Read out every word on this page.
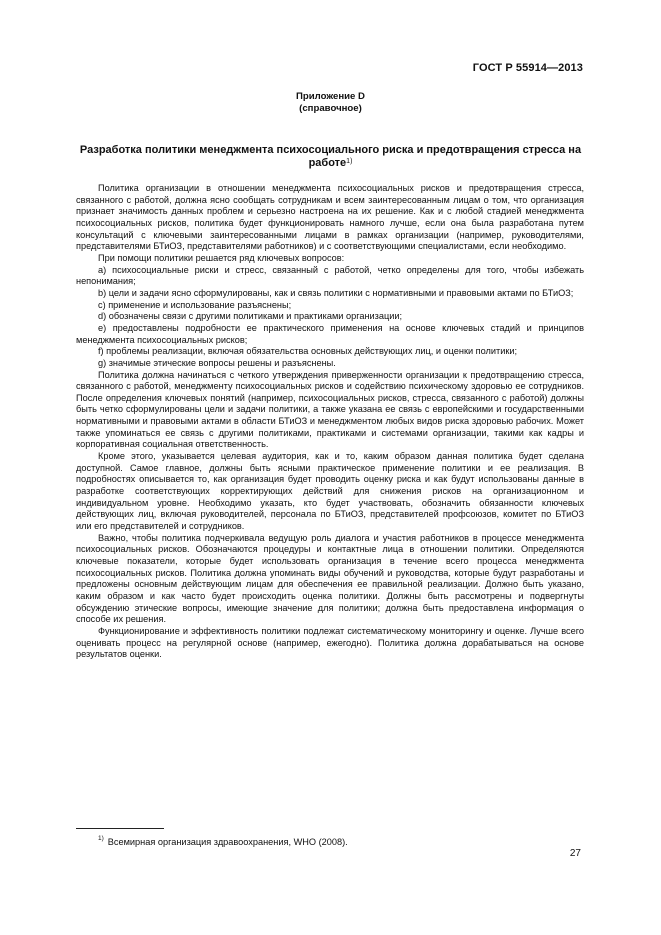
ГОСТ Р 55914—2013
Приложение D
(справочное)
Разработка политики менеджмента психосоциального риска и предотвращения стресса на работе$^{1)}$

Политика организации в отношении менеджмента психосоциальных рисков и предотвращения стресса, связанного с работой, должна ясно сообщать сотрудникам и всем заинтересованным лицам о том, что организация признает значимость данных проблем и серьезно настроена на их решение. Как и с любой стадией менеджмента психосоциальных рисков, политика будет функционировать намного лучше, если она была разработана путем консультаций с ключевыми заинтересованными лицами в рамках организации (например, руководителями, представителями БТиОЗ, представителями работников) и с соответствующими специалистами, если необходимо.

При помощи политики решается ряд ключевых вопросов:

а) психосоциальные риски и стресс, связанный с работой, четко определены для того, чтобы избежать непонимания;

b) цели и задачи ясно сформулированы, как и связь политики с нормативными и правовыми актами по БТиОЗ;

c) применение и использование разъяснены;

d) обозначены связи с другими политиками и практиками организации;

e) предоставлены подробности ее практического применения на основе ключевых стадий и принципов менеджмента психосоциальных рисков;

f) проблемы реализации, включая обязательства основных действующих лиц, и оценки политики;

g) значимые этические вопросы решены и разъяснены.

Политика должна начинаться с четкого утверждения приверженности организации к предотвращению стресса, связанного с работой, менеджменту психосоциальных рисков и содействию психическому здоровью ее сотрудников. После определения ключевых понятий (например, психосоциальных рисков, стресса, связанного с работой) должны быть четко сформулированы цели и задачи политики, а также указана ее связь с европейскими и государственными нормативными и правовыми актами в области БТиОЗ и менеджментом любых видов риска здоровью рабочих. Может также упоминаться ее связь с другими политиками, практиками и системами организации, такими как кадры и корпоративная социальная ответственность.

Кроме этого, указывается целевая аудитория, как и то, каким образом данная политика будет сделана доступной. Самое главное, должны быть ясными практическое применение политики и ее реализация. В подробностях описывается то, как организация будет проводить оценку риска и как будут использованы данные в разработке соответствующих корректирующих действий для снижения рисков на организационном и индивидуальном уровне. Необходимо указать, кто будет участвовать, обозначить обязанности ключевых действующих лиц, включая руководителей, персонала по БТиОЗ, представителей профсоюзов, комитет по БТиОЗ или его представителей и сотрудников.

Важно, чтобы политика подчеркивала ведущую роль диалога и участия работников в процессе менеджмента психосоциальных рисков. Обозначаются процедуры и контактные лица в отношении политики. Определяются ключевые показатели, которые будет использовать организация в течение всего процесса менеджмента психосоциальных рисков. Политика должна упоминать виды обучений и руководства, которые будут разработаны и предложены основным действующим лицам для обеспечения ее правильной реализации. Должно быть указано, каким образом и как часто будет происходить оценка политики. Должны быть рассмотрены и подвергнуты обсуждению этические вопросы, имеющие значение для политики; должна быть предоставлена информация о способе их решения.

Функционирование и эффективность политики подлежат систематическому мониторингу и оценке. Лучше всего оценивать процесс на регулярной основе (например, ежегодно). Политика должна дорабатываться на основе результатов оценки.

$^{1)}$ Всемирная организация здравоохранения, WHO (2008).
27
